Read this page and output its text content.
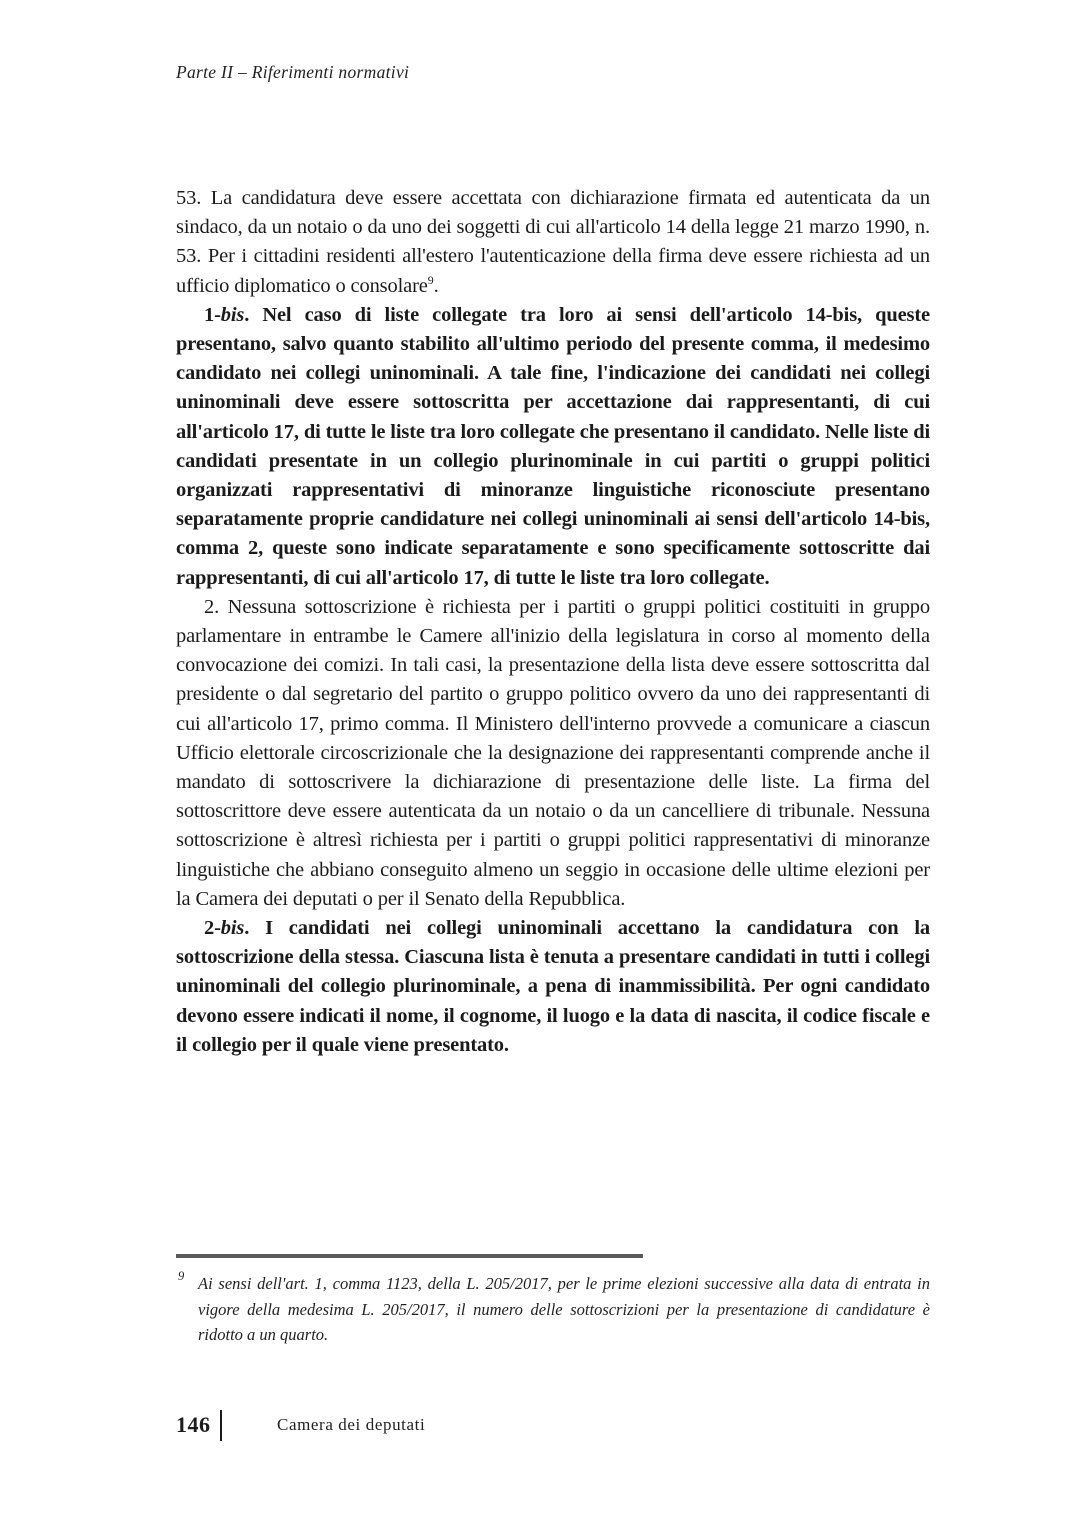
Parte II – Riferimenti normativi

53. La candidatura deve essere accettata con dichiarazione firmata ed autenticata da un sindaco, da un notaio o da uno dei soggetti di cui all'articolo 14 della legge 21 marzo 1990, n. 53. Per i cittadini residenti all'estero l'autenticazione della firma deve essere richiesta ad un ufficio diplomatico o consolare$^9$.

1-bis. Nel caso di liste collegate tra loro ai sensi dell'articolo 14-bis, queste presentano, salvo quanto stabilito all'ultimo periodo del presente comma, il medesimo candidato nei collegi uninominali. A tale fine, l'indicazione dei candidati nei collegi uninominali deve essere sottoscritta per accettazione dai rappresentanti, di cui all'articolo 17, di tutte le liste tra loro collegate che presentano il candidato. Nelle liste di candidati presentate in un collegio plurinominale in cui partiti o gruppi politici organizzati rappresentativi di minoranze linguistiche riconosciute presentano separatamente proprie candidature nei collegi uninominali ai sensi dell'articolo 14-bis, comma 2, queste sono indicate separatamente e sono specificamente sottoscritte dai rappresentanti, di cui all'articolo 17, di tutte le liste tra loro collegate.

2. Nessuna sottoscrizione è richiesta per i partiti o gruppi politici costituiti in gruppo parlamentare in entrambe le Camere all'inizio della legislatura in corso al momento della convocazione dei comizi. In tali casi, la presentazione della lista deve essere sottoscritta dal presidente o dal segretario del partito o gruppo politico ovvero da uno dei rappresentanti di cui all'articolo 17, primo comma. Il Ministero dell'interno provvede a comunicare a ciascun Ufficio elettorale circoscrizionale che la designazione dei rappresentanti comprende anche il mandato di sottoscrivere la dichiarazione di presentazione delle liste. La firma del sottoscrittore deve essere autenticata da un notaio o da un cancelliere di tribunale. Nessuna sottoscrizione è altresì richiesta per i partiti o gruppi politici rappresentativi di minoranze linguistiche che abbiano conseguito almeno un seggio in occasione delle ultime elezioni per la Camera dei deputati o per il Senato della Repubblica.

2-bis. I candidati nei collegi uninominali accettano la candidatura con la sottoscrizione della stessa. Ciascuna lista è tenuta a presentare candidati in tutti i collegi uninominali del collegio plurinominale, a pena di inammissibilità. Per ogni candidato devono essere indicati il nome, il cognome, il luogo e la data di nascita, il codice fiscale e il collegio per il quale viene presentato.

9 Ai sensi dell'art. 1, comma 1123, della L. 205/2017, per le prime elezioni successive alla data di entrata in vigore della medesima L. 205/2017, il numero delle sottoscrizioni per la presentazione di candidature è ridotto a un quarto.
146	Camera dei deputati
